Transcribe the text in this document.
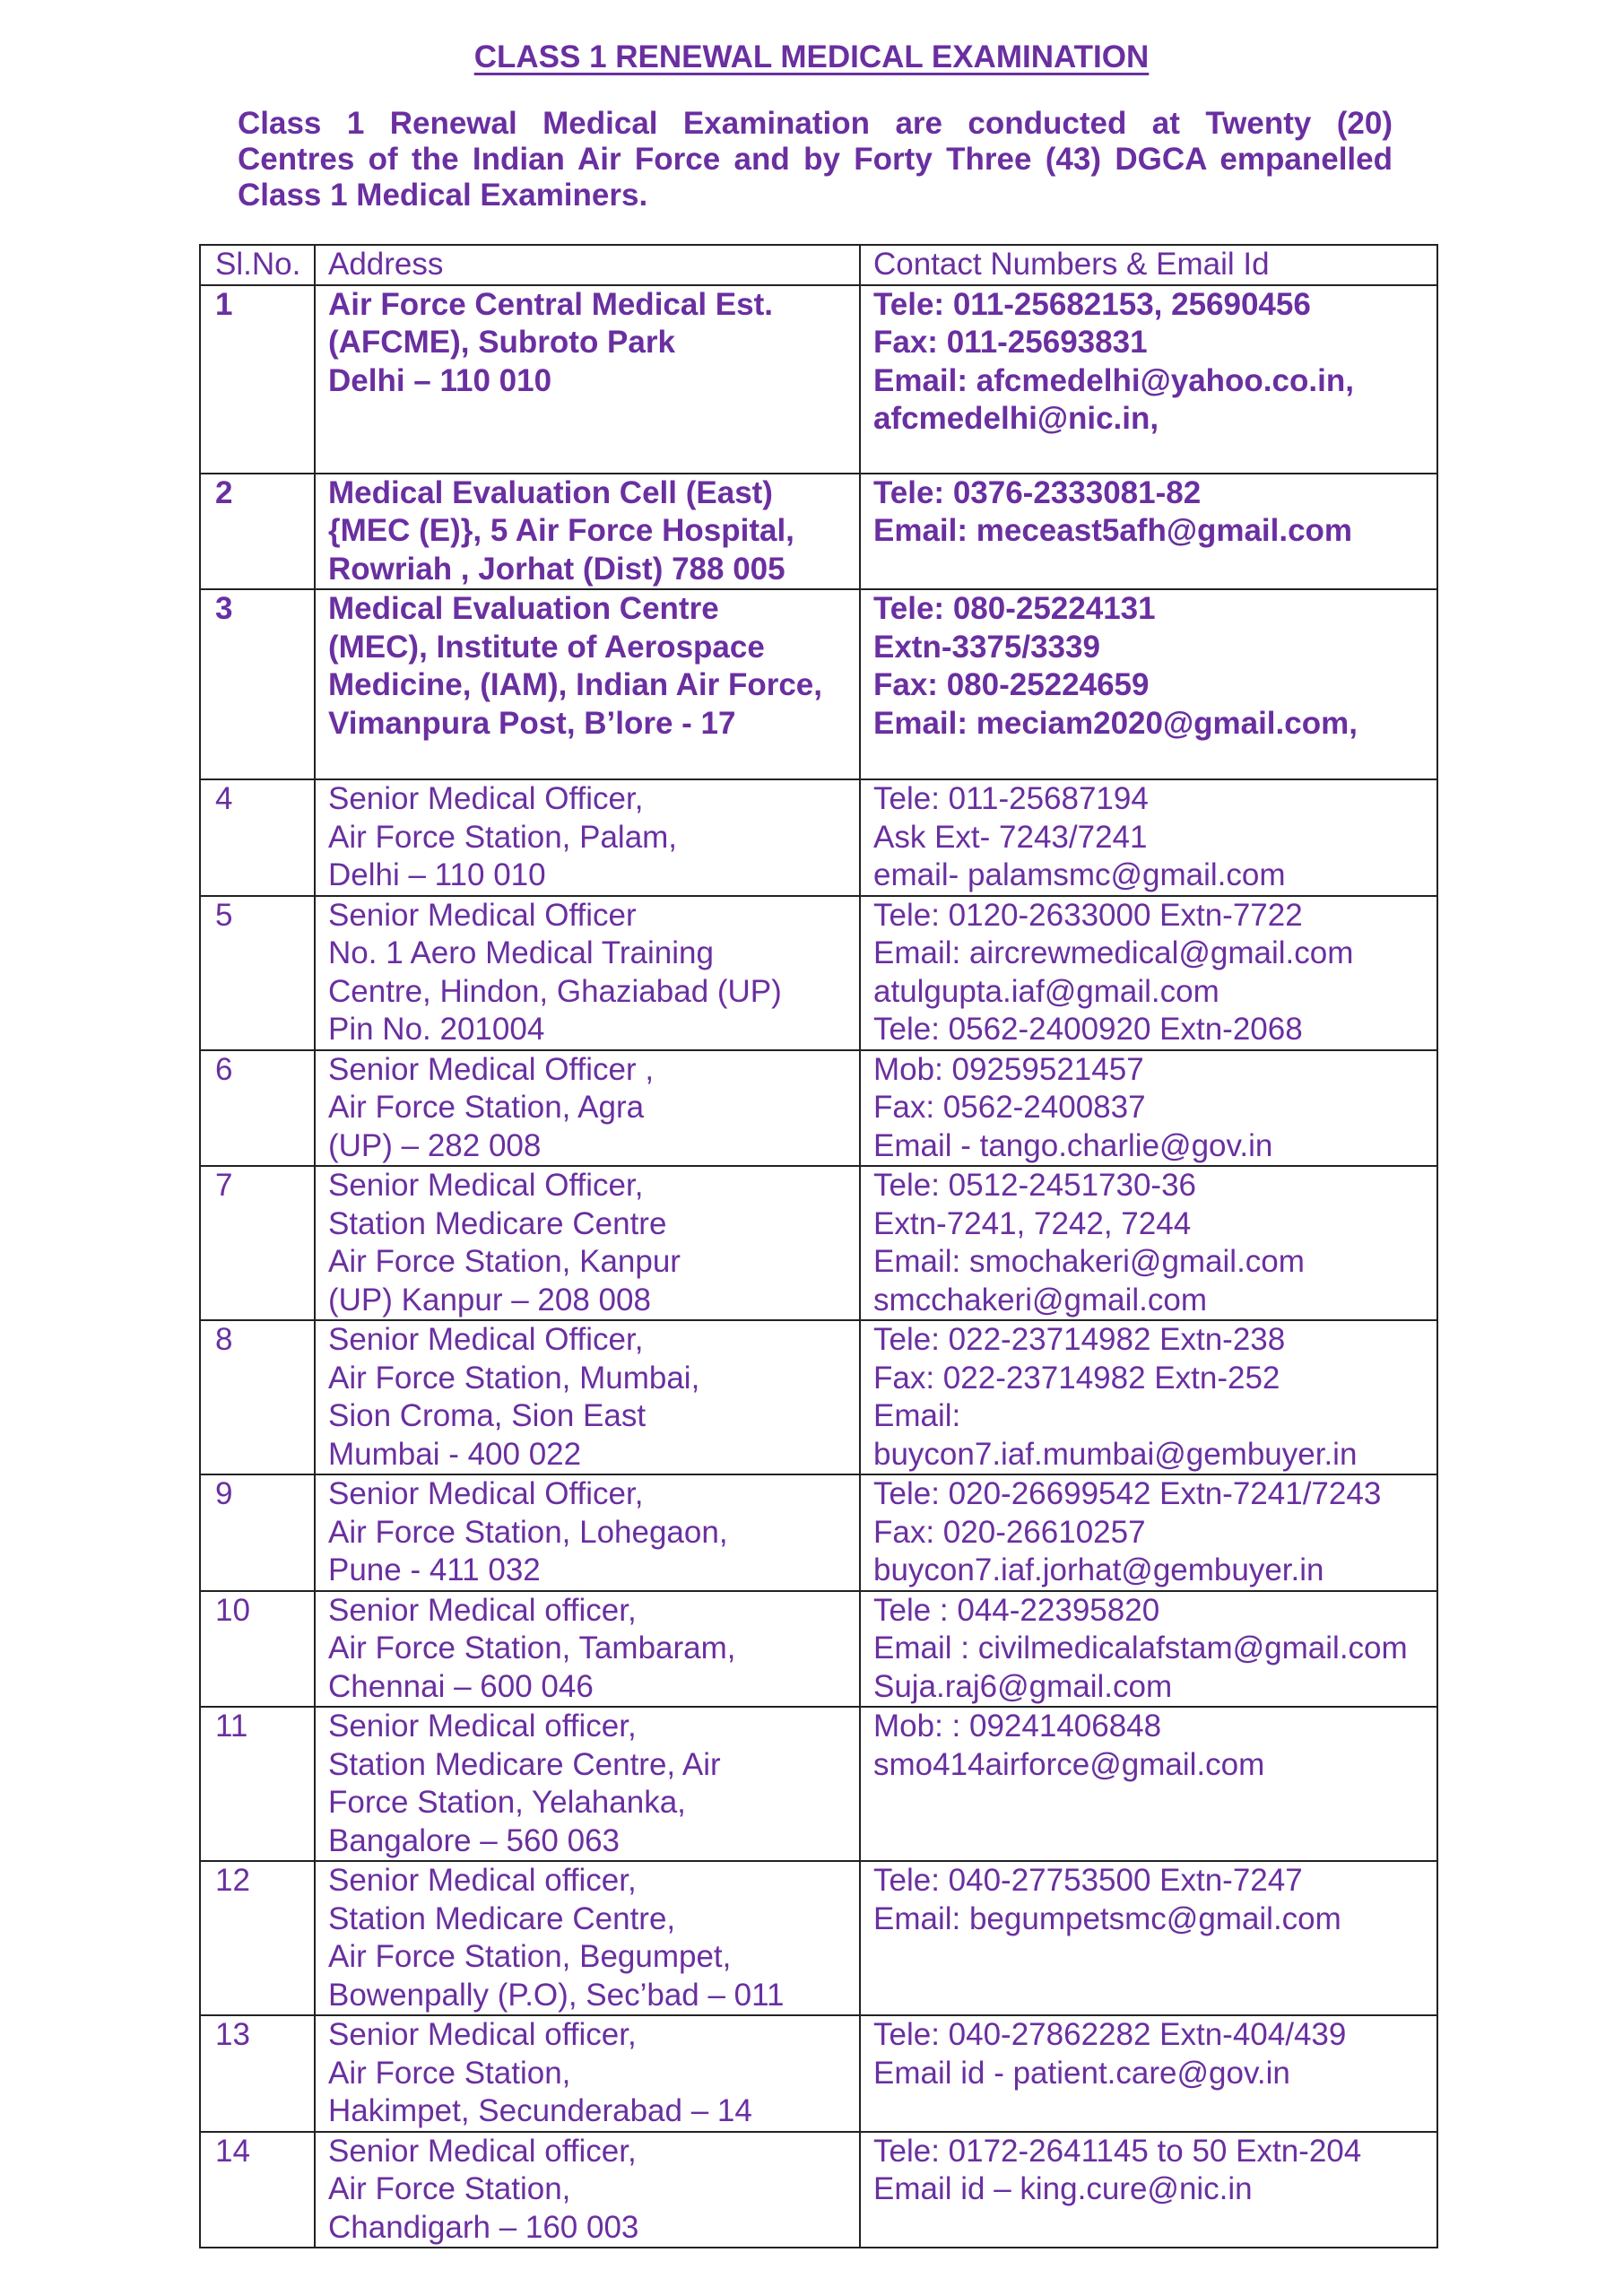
CLASS 1 RENEWAL MEDICAL EXAMINATION
Class 1 Renewal Medical Examination are conducted at Twenty (20)
Centres of the Indian Air Force and by Forty Three (43) DGCA empanelled
Class 1 Medical Examiners.
Sl.No.	Address	Contact Numbers & Email Id
1	Air Force Central Medical Est.
(AFCME), Subroto Park
Delhi – 110 010	Tele: 011-25682153, 25690456
Fax: 011-25693831
Email: afcmedelhi@yahoo.co.in,
afcmedelhi@nic.in,

2	Medical Evaluation Cell (East)
{MEC (E)}, 5 Air Force Hospital,
Rowriah , Jorhat (Dist) 788 005	Tele: 0376-2333081-82
Email: meceast5afh@gmail.com

3	Medical Evaluation Centre
(MEC), Institute of Aerospace
Medicine, (IAM), Indian Air Force,
Vimanpura Post, B’lore - 17	Tele: 080-25224131
Extn-3375/3339
Fax: 080-25224659
Email: meciam2020@gmail.com,

4	Senior Medical Officer,
Air Force Station, Palam,
Delhi – 110 010	Tele: 011-25687194
Ask Ext- 7243/7241
email- palamsmc@gmail.com

5	Senior Medical Officer
No. 1 Aero Medical Training
Centre, Hindon, Ghaziabad (UP)
Pin No. 201004	Tele: 0120-2633000 Extn-7722
Email: aircrewmedical@gmail.com
atulgupta.iaf@gmail.com
Tele: 0562-2400920 Extn-2068

6	Senior Medical Officer ,
Air Force Station, Agra
(UP) – 282 008	Mob: 09259521457
Fax: 0562-2400837
Email - tango.charlie@gov.in

7	Senior Medical Officer,
Station Medicare Centre
Air Force Station, Kanpur
(UP) Kanpur – 208 008	Tele: 0512-2451730-36
Extn-7241, 7242, 7244
Email: smochakeri@gmail.com
smcchakeri@gmail.com

8	Senior Medical Officer,
Air Force Station, Mumbai,
Sion Croma, Sion East
Mumbai - 400 022	Tele: 022-23714982 Extn-238
Fax: 022-23714982 Extn-252
Email:
buycon7.iaf.mumbai@gembuyer.in

9	Senior Medical Officer,
Air Force Station, Lohegaon,
Pune - 411 032	Tele: 020-26699542 Extn-7241/7243
Fax: 020-26610257
buycon7.iaf.jorhat@gembuyer.in

10	Senior Medical officer,
Air Force Station, Tambaram,
Chennai – 600 046	Tele : 044-22395820
Email : civilmedicalafstam@gmail.com
Suja.raj6@gmail.com

11	Senior Medical officer,
Station Medicare Centre, Air
Force Station, Yelahanka,
Bangalore – 560 063	Mob: : 09241406848
smo414airforce@gmail.com

12	Senior Medical officer,
Station Medicare Centre,
Air Force Station, Begumpet,
Bowenpally (P.O), Sec’bad – 011	Tele: 040-27753500 Extn-7247
Email: begumpetsmc@gmail.com

13	Senior Medical officer,
Air Force Station,
Hakimpet, Secunderabad – 14	Tele: 040-27862282 Extn-404/439
Email id - patient.care@gov.in

14	Senior Medical officer,
Air Force Station,
Chandigarh – 160 003	Tele: 0172-2641145 to 50 Extn-204
Email id – king.cure@nic.in
